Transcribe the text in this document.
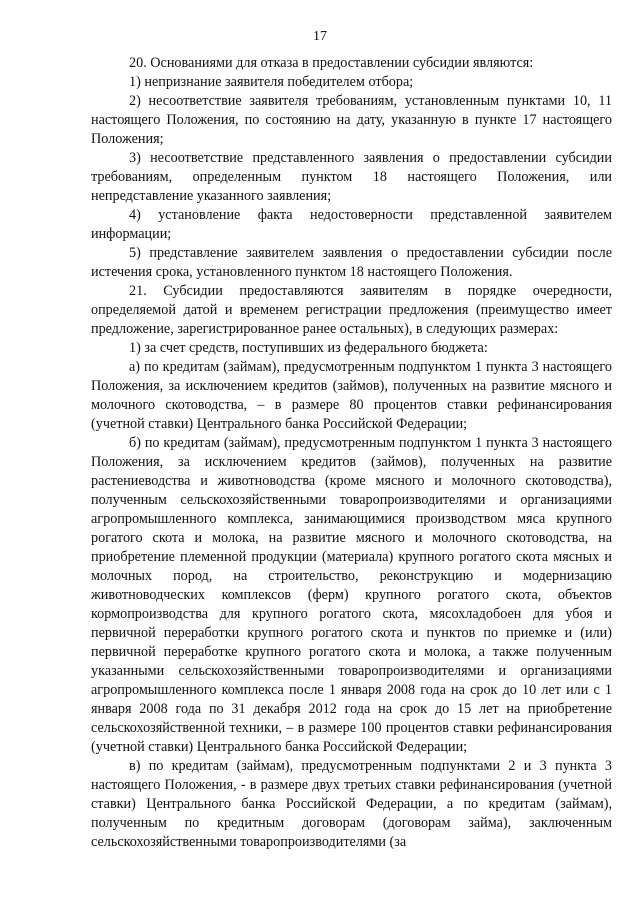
17

20. Основаниями для отказа в предоставлении субсидии являются:

1) непризнание заявителя победителем отбора;

2) несоответствие заявителя требованиям, установленным пунктами 10, 11 настоящего Положения, по состоянию на дату, указанную в пункте 17 настоящего Положения;

3) несоответствие представленного заявления о предоставлении субсидии требованиям, определенным пунктом 18 настоящего Положения, или непредставление указанного заявления;

4) установление факта недостоверности представленной заявителем информации;

5) представление заявителем заявления о предоставлении субсидии после истечения срока, установленного пунктом 18 настоящего Положения.

21. Субсидии предоставляются заявителям в порядке очередности, определяемой датой и временем регистрации предложения (преимущество имеет предложение, зарегистрированное ранее остальных), в следующих размерах:

1) за счет средств, поступивших из федерального бюджета:

а) по кредитам (займам), предусмотренным подпунктом 1 пункта 3 настоящего Положения, за исключением кредитов (займов), полученных на развитие мясного и молочного скотоводства, – в размере 80 процентов ставки рефинансирования (учетной ставки) Центрального банка Российской Федерации;

б) по кредитам (займам), предусмотренным подпунктом 1 пункта 3 настоящего Положения, за исключением кредитов (займов), полученных на развитие растениеводства и животноводства (кроме мясного и молочного скотоводства), полученным сельскохозяйственными товаропроизводителями и организациями агропромышленного комплекса, занимающимися производством мяса крупного рогатого скота и молока, на развитие мясного и молочного скотоводства, на приобретение племенной продукции (материала) крупного рогатого скота мясных и молочных пород, на строительство, реконструкцию и модернизацию животноводческих комплексов (ферм) крупного рогатого скота, объектов кормопроизводства для крупного рогатого скота, мясохладобоен для убоя и первичной переработки крупного рогатого скота и пунктов по приемке и (или) первичной переработке крупного рогатого скота и молока, а также полученным указанными сельскохозяйственными товаропроизводителями и организациями агропромышленного комплекса после 1 января 2008 года на срок до 10 лет или с 1 января 2008 года по 31 декабря 2012 года на срок до 15 лет на приобретение сельскохозяйственной техники, – в размере 100 процентов ставки рефинансирования (учетной ставки) Центрального банка Российской Федерации;

в) по кредитам (займам), предусмотренным подпунктами 2 и 3 пункта 3 настоящего Положения, - в размере двух третьих ставки рефинансирования (учетной ставки) Центрального банка Российской Федерации, а по кредитам (займам), полученным по кредитным договорам (договорам займа), заключенным сельскохозяйственными товаропроизводителями (за
